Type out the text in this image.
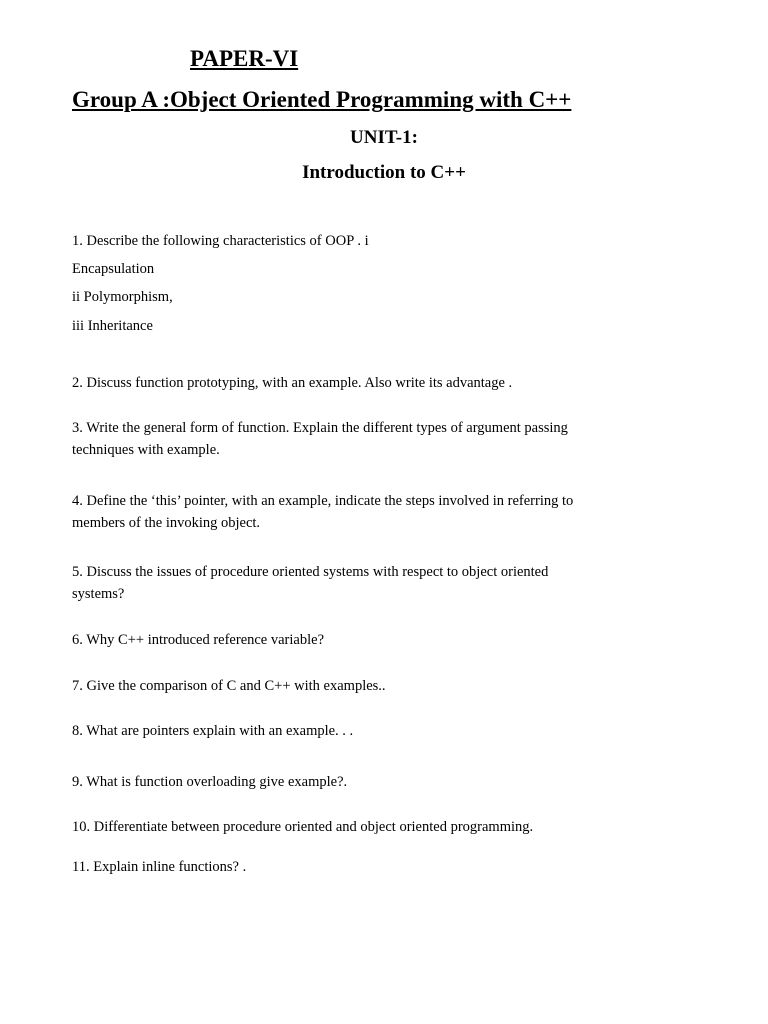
PAPER-VI
Group A :Object Oriented Programming with C++
UNIT-1:
Introduction to C++
1. Describe the following characteristics of OOP . i
Encapsulation
ii Polymorphism,
iii Inheritance
2. Discuss function prototyping, with an example. Also write its advantage .
3. Write the general form of function. Explain the different types of argument passing
techniques with example.
4. Define the ‘this’ pointer, with an example, indicate the steps involved in referring to
members of the invoking object.
5. Discuss the issues of procedure oriented systems with respect to object oriented
systems?
6. Why C++ introduced reference variable?
7. Give the comparison of C and C++ with examples..
8. What are pointers explain with an example. . .
9. What is function overloading give example?.
10. Differentiate between procedure oriented and object oriented programming.
11. Explain inline functions? .
